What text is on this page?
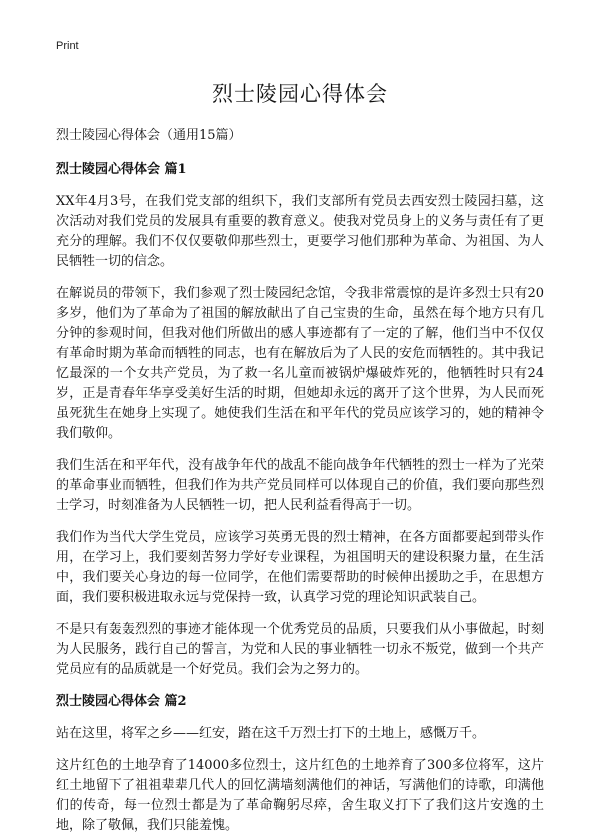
Print
烈士陵园心得体会
烈士陵园心得体会（通用15篇）
烈士陵园心得体会 篇1

XX年4月3号，在我们党支部的组织下，我们支部所有党员去西安烈士陵园扫墓，这次活动对我们党员的发展具有重要的教育意义。使我对党员身上的义务与责任有了更充分的理解。我们不仅仅要敬仰那些烈士，更要学习他们那种为革命、为祖国、为人民牺牲一切的信念。

在解说员的带领下，我们参观了烈士陵园纪念馆，令我非常震惊的是许多烈士只有20多岁，他们为了革命为了祖国的解放献出了自己宝贵的生命，虽然在每个地方只有几分钟的参观时间，但我对他们所做出的感人事迹都有了一定的了解，他们当中不仅仅有革命时期为革命而牺牲的同志，也有在解放后为了人民的安危而牺牲的。其中我记忆最深的一个女共产党员，为了救一名儿童而被锅炉爆破炸死的，他牺牲时只有24岁，正是青春年华享受美好生活的时期，但她却永远的离开了这个世界，为人民而死虽死犹生在她身上实现了。她使我们生活在和平年代的党员应该学习的，她的精神令我们敬仰。

我们生活在和平年代，没有战争年代的战乱不能向战争年代牺牲的烈士一样为了光荣的革命事业而牺牲，但我们作为共产党员同样可以体现自己的价值，我们要向那些烈士学习，时刻准备为人民牺牲一切，把人民利益看得高于一切。

我们作为当代大学生党员，应该学习英勇无畏的烈士精神，在各方面都要起到带头作用，在学习上，我们要刻苦努力学好专业课程，为祖国明天的建设积聚力量，在生活中，我们要关心身边的每一位同学，在他们需要帮助的时候伸出援助之手，在思想方面，我们要积极进取永远与党保持一致，认真学习党的理论知识武装自己。

不是只有轰轰烈烈的事迹才能体现一个优秀党员的品质，只要我们从小事做起，时刻为人民服务，践行自己的誓言，为党和人民的事业牺牲一切永不叛党，做到一个共产党员应有的品质就是一个好党员。我们会为之努力的。

烈士陵园心得体会 篇2

站在这里，将军之乡——红安，踏在这千万烈士打下的土地上，感慨万千。

这片红色的土地孕育了14000多位烈士，这片红色的土地养育了300多位将军，这片红土地留下了祖祖辈辈几代人的回忆满墙刻满他们的神话，写满他们的诗歌，印满他们的传奇，每一位烈士都是为了革命鞠躬尽瘁，舍生取义打下了我们这片安逸的土地，除了敬佩，我们只能羞愧。
